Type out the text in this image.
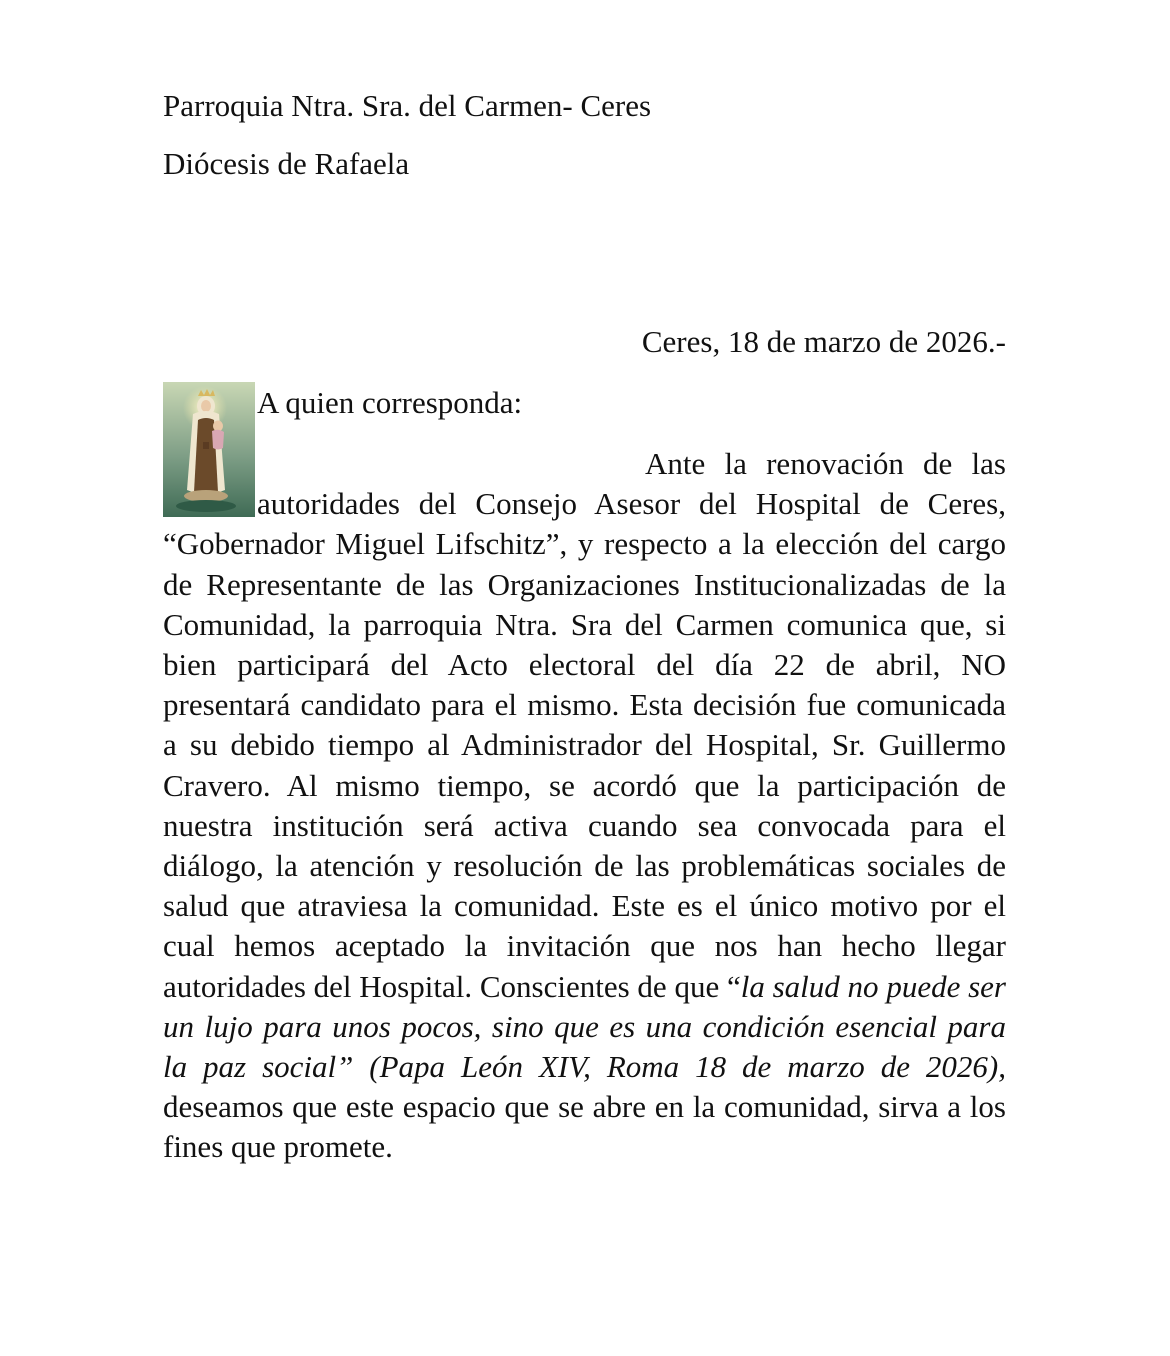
Parroquia Ntra. Sra. del Carmen- Ceres
Diócesis de Rafaela
Ceres, 18 de marzo de 2026.-
A quien corresponda:

Ante la renovación de las autoridades del Consejo Asesor del Hospital de Ceres, “Gobernador Miguel Lifschitz”, y respecto a la elección del cargo de Representante de las Organizaciones Institucionalizadas de la Comunidad, la parroquia Ntra. Sra del Carmen comunica que, si bien participará del Acto electoral del día 22 de abril, NO presentará candidato para el mismo. Esta decisión fue comunicada a su debido tiempo al Administrador del Hospital, Sr. Guillermo Cravero. Al mismo tiempo, se acordó que la participación de nuestra institución será activa cuando sea convocada para el diálogo, la atención y resolución de las problemáticas sociales de salud que atraviesa la comunidad. Este es el único motivo por el cual hemos aceptado la invitación que nos han hecho llegar autoridades del Hospital. Conscientes de que “la salud no puede ser un lujo para unos pocos, sino que es una condición esencial para la paz social” (Papa León XIV, Roma 18 de marzo de 2026), deseamos que este espacio que se abre en la comunidad, sirva a los fines que promete.
